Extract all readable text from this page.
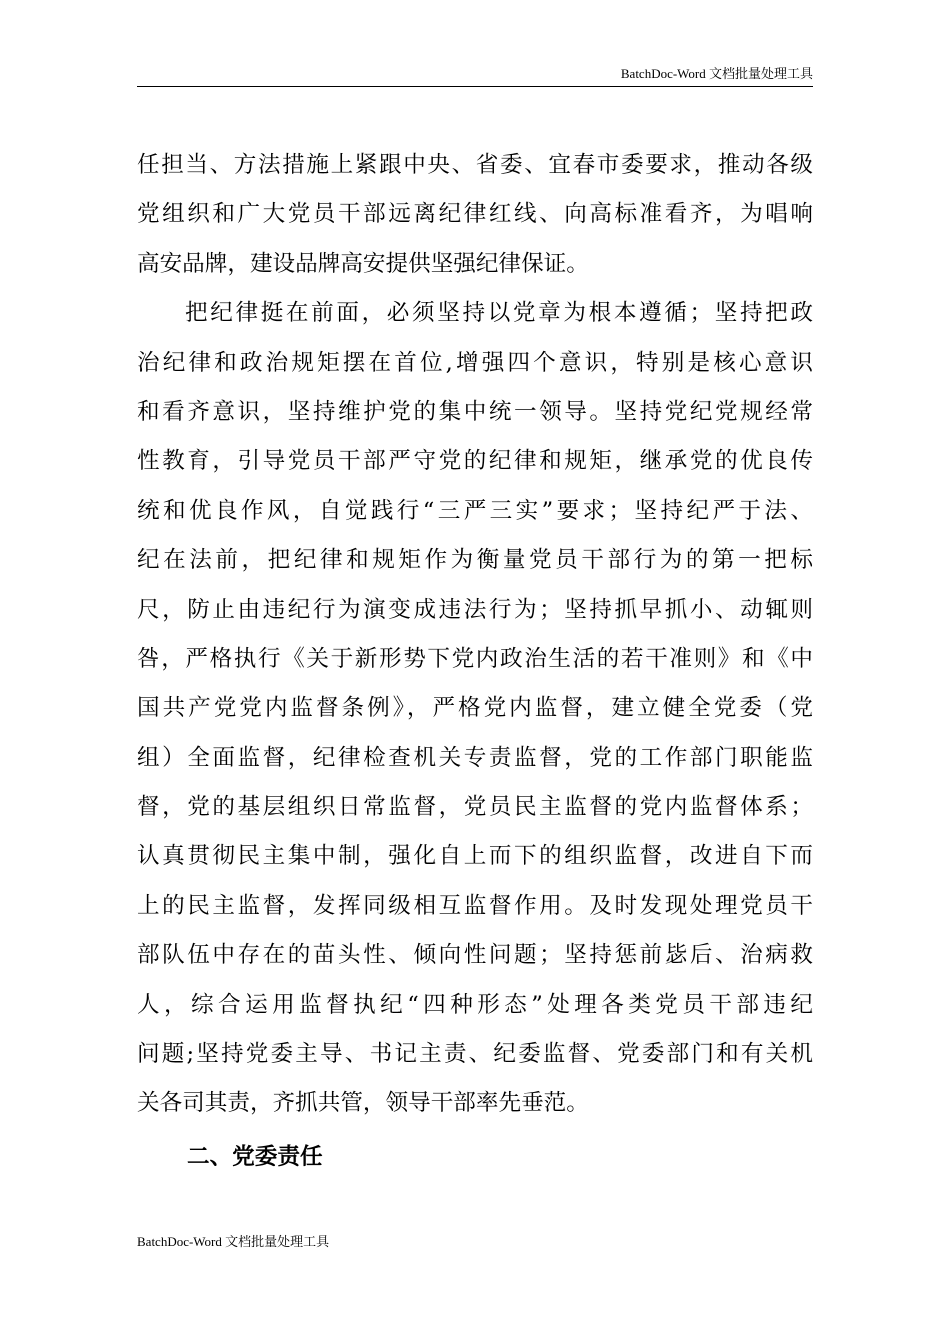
BatchDoc-Word 文档批量处理工具
任担当、方法措施上紧跟中央、省委、宜春市委要求，推动各级
党组织和广大党员干部远离纪律红线、向高标准看齐，为唱响
高安品牌，建设品牌高安提供坚强纪律保证。
把纪律挺在前面，必须坚持以党章为根本遵循；坚持把政
治纪律和政治规矩摆在首位,增强四个意识，特别是核心意识
和看齐意识，坚持维护党的集中统一领导。坚持党纪党规经常
性教育，引导党员干部严守党的纪律和规矩，继承党的优良传
统和优良作风，自觉践行“三严三实”要求；坚持纪严于法、
纪在法前，把纪律和规矩作为衡量党员干部行为的第一把标
尺，防止由违纪行为演变成违法行为；坚持抓早抓小、动辄则
咎，严格执行《关于新形势下党内政治生活的若干准则》和《中
国共产党党内监督条例》，严格党内监督，建立健全党委（党
组）全面监督，纪律检查机关专责监督，党的工作部门职能监
督，党的基层组织日常监督，党员民主监督的党内监督体系；
认真贯彻民主集中制，强化自上而下的组织监督，改进自下而
上的民主监督，发挥同级相互监督作用。及时发现处理党员干
部队伍中存在的苗头性、倾向性问题；坚持惩前毖后、治病救
人，综合运用监督执纪“四种形态”处理各类党员干部违纪
问题;坚持党委主导、书记主责、纪委监督、党委部门和有关机
关各司其责，齐抓共管，领导干部率先垂范。
二、党委责任
BatchDoc-Word 文档批量处理工具
